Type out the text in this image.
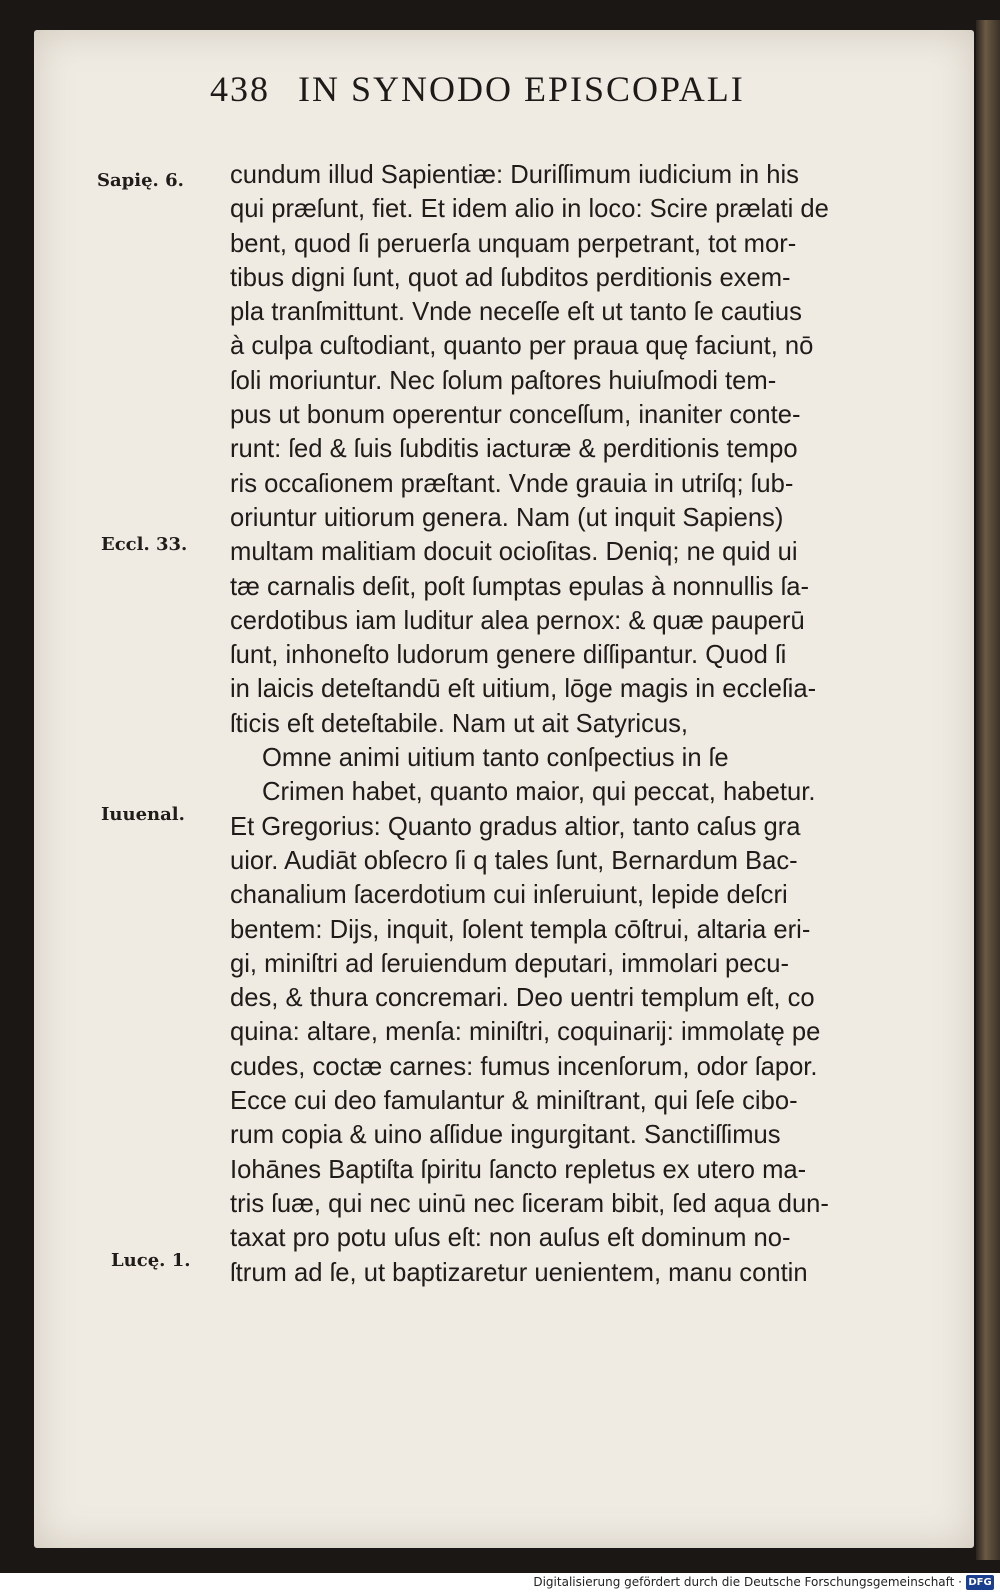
438 IN SYNODO EPISCOPALI
Sapię. 6.
Eccl. 33.
Iuuenal.
Lucę. 1.
cundum illud Sapientiæ: Duriſſimum iudicium in his
qui præſunt, fiet. Et idem alio in loco: Scire prælati de
bent, quod ſi peruerſa unquam perpetrant, tot mor-
tibus digni ſunt, quot ad ſubditos perditionis exem-
pla tranſmittunt. Vnde neceſſe eſt ut tanto ſe cautius
à culpa cuſtodiant, quanto per praua quę faciunt, nō
ſoli moriuntur. Nec ſolum paſtores huiuſmodi tem-
pus ut bonum operentur conceſſum, inaniter conte-
runt: ſed & ſuis ſubditis iacturæ & perditionis tempo
ris occaſionem præſtant. Vnde grauia in utriſq; ſub-
oriuntur uitiorum genera. Nam (ut inquit Sapiens)
multam malitiam docuit ocioſitas. Deniq; ne quid ui
tæ carnalis deſit, poſt ſumptas epulas à nonnullis ſa-
cerdotibus iam luditur alea pernox: & quæ pauperū
ſunt, inhoneſto ludorum genere diſſipantur. Quod ſi
in laicis deteſtandū eſt uitium, lōge magis in eccleſia-
ſticis eſt deteſtabile. Nam ut ait Satyricus,
Omne animi uitium tanto conſpectius in ſe
Crimen habet, quanto maior, qui peccat, habetur.
Et Gregorius: Quanto gradus altior, tanto caſus gra
uior. Audiāt obſecro ſi q tales ſunt, Bernardum Bac-
chanalium ſacerdotium cui inſeruiunt, lepide deſcri
bentem: Dijs, inquit, ſolent templa cōſtrui, altaria eri-
gi, miniſtri ad ſeruiendum deputari, immolari pecu-
des, & thura concremari. Deo uentri templum eſt, co
quina: altare, menſa: miniſtri, coquinarij: immolatę pe
cudes, coctæ carnes: fumus incenſorum, odor ſapor.
Ecce cui deo famulantur & miniſtrant, qui ſeſe cibo-
rum copia & uino aſſidue ingurgitant. Sanctiſſimus
Iohānes Baptiſta ſpiritu ſancto repletus ex utero ma-
tris ſuæ, qui nec uinū nec ſiceram bibit, ſed aqua dun-
taxat pro potu uſus eſt: non auſus eſt dominum no-
ſtrum ad ſe, ut baptizaretur uenientem, manu contin
Digitalisierung gefördert durch die Deutsche Forschungsgemeinschaft · DFG
